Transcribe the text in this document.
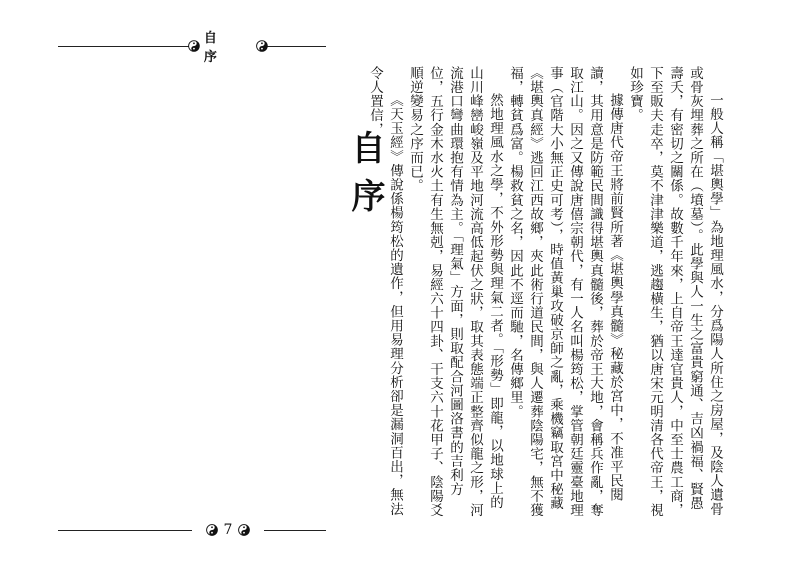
自 序
自序	一般人稱「堪輿學」為地理風水，分爲陽人所住之房屋，及陰人遺骨或骨灰埋葬之所在（墳墓）。此學與人一生之富貴窮通、吉凶禍福、賢愚壽夭，有密切之關係。故數千年來，上自帝王達官貴人，中至士農工商，下至販夫走卒，莫不津津樂道，逃趨橫生，猶以唐宋元明清各代帝王，視如珍寶。

據傳唐代帝王將前賢所著《堪輿學真髓》秘藏於宮中，不准平民閱讀，其用意是防範民間識得堪輿真髓後，葬於帝王大地，會稱兵作亂，奪取江山。因之又傳說唐僖宗朝代，有一人名叫楊筠松，掌管朝廷靈臺地理事（官階大小無正史可考），時值黃巢攻破京師之亂，乘機竊取宮中秘藏《堪輿真經》逃回江西故鄉，夾此術行道民間，與人遷葬陰陽宅，無不獲福，轉貧爲富。楊救貧之名，因此不逕而馳，名傳鄉里。

然地理風水之學，不外形勢與理氣二者。「形勢」即龍，以地球上的山川峰巒峻嶺及平地河流高低起伏之狀，取其表態端正整齊似龍之形，河流港口彎曲環抱有情為主。「理氣」方面，則取配合河圖洛書的吉利方位，五行金木水火土有生無剋，易經六十四卦、干支六十花甲子、陰陽爻順逆變易之序而已。

《天玉經》傳說係楊筠松的遺作，但用易理分析卻是漏洞百出，無法令人置信，

7
